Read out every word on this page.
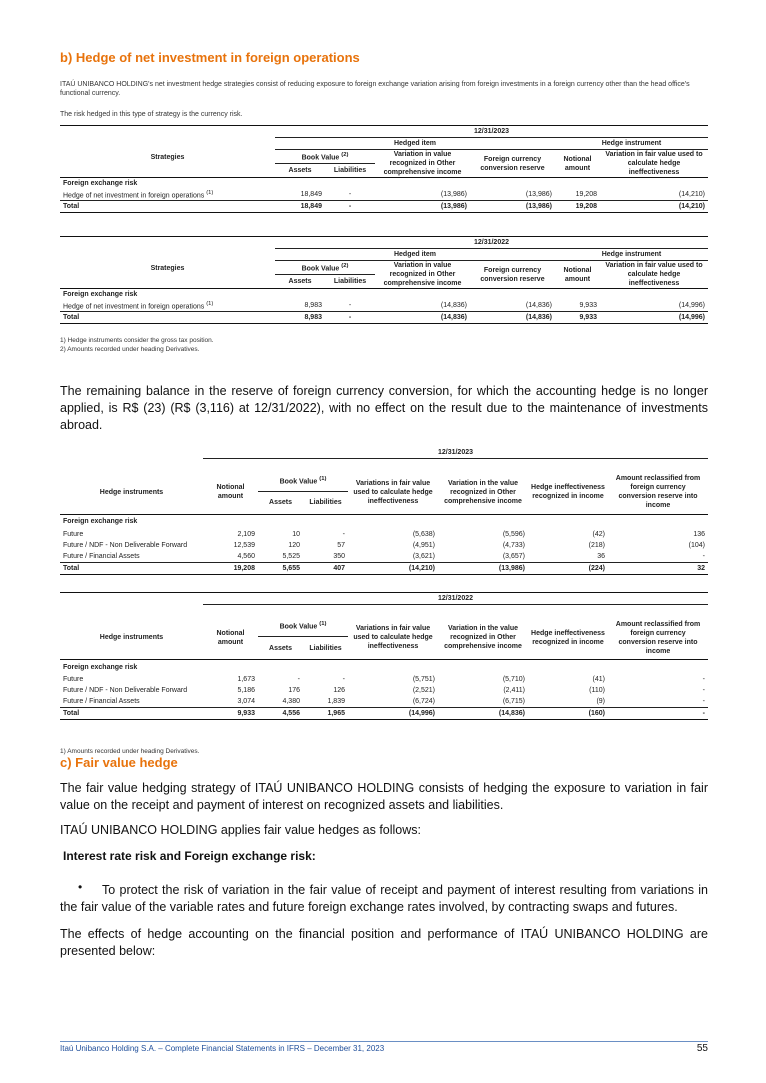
b) Hedge of net investment in foreign operations
ITAÚ UNIBANCO HOLDING's net investment hedge strategies consist of reducing exposure to foreign exchange variation arising from foreign investments in a foreign currency other than the head office's functional currency.
The risk hedged in this type of strategy is the currency risk.
	12/31/2023					
Strategies	Hedged item				Hedge instrument	
	Book Value $^{(2)}$		Variation in value recognized in Other comprehensive income	Foreign currency conversion reserve	Notional amount	Variation in fair value used to calculate hedge ineffectiveness
	Assets	Liabilities				
Foreign exchange risk						
Hedge of net investment in foreign operations $^{(1)}$	18,849	-	(13,986)	(13,986)	19,208	(14,210)
Total	18,849	-	(13,986)	(13,986)	19,208	(14,210)
	12/31/2022					
Strategies	Hedged item				Hedge instrument	
	Book Value $^{(2)}$		Variation in value recognized in Other comprehensive income	Foreign currency conversion reserve	Notional amount	Variation in fair value used to calculate hedge ineffectiveness
	Assets	Liabilities				
Foreign exchange risk						
Hedge of net investment in foreign operations $^{(1)}$	8,983	-	(14,836)	(14,836)	9,933	(14,996)
Total	8,983	-	(14,836)	(14,836)	9,933	(14,996)
1) Hedge instruments consider the gross tax position.
2) Amounts recorded under heading Derivatives.
The remaining balance in the reserve of foreign currency conversion, for which the accounting hedge is no longer applied, is R$ (23) (R$ (3,116) at 12/31/2022), with no effect on the result due to the maintenance of investments abroad.
	12/31/2023						

Hedge instruments	Notional amount	Book Value $^{(1)}$		Variations in fair value used to calculate hedge ineffectiveness	Variation in the value recognized in Other comprehensive income	Hedge ineffectiveness recognized in income	Amount reclassified from foreign currency conversion reserve into income
		Assets	Liabilities				
Foreign exchange risk							
Future	2,109	10	-	(5,638)	(5,596)	(42)	136
Future / NDF - Non Deliverable Forward	12,539	120	57	(4,951)	(4,733)	(218)	(104)
Future / Financial Assets	4,560	5,525	350	(3,621)	(3,657)	36	-
Total	19,208	5,655	407	(14,210)	(13,986)	(224)	32
	12/31/2022						

Hedge instruments	Notional amount	Book Value $^{(1)}$		Variations in fair value used to calculate hedge ineffectiveness	Variation in the value recognized in Other comprehensive income	Hedge ineffectiveness recognized in income	Amount reclassified from foreign currency conversion reserve into income
		Assets	Liabilities				
Foreign exchange risk							
Future	1,673	-	-	(5,751)	(5,710)	(41)	-
Future / NDF - Non Deliverable Forward	5,186	176	126	(2,521)	(2,411)	(110)	-
Future / Financial Assets	3,074	4,380	1,839	(6,724)	(6,715)	(9)	-
Total	9,933	4,556	1,965	(14,996)	(14,836)	(160)	-
1) Amounts recorded under heading Derivatives.
c) Fair value hedge
The fair value hedging strategy of ITAÚ UNIBANCO HOLDING consists of hedging the exposure to variation in fair value on the receipt and payment of interest on recognized assets and liabilities.
ITAÚ UNIBANCO HOLDING applies fair value hedges as follows:
Interest rate risk and Foreign exchange risk:
•	To protect the risk of variation in the fair value of receipt and payment of interest resulting from variations in the fair value of the variable rates and future foreign exchange rates involved, by contracting swaps and futures.
The effects of hedge accounting on the financial position and performance of ITAÚ UNIBANCO HOLDING are presented below:
Itaú Unibanco Holding S.A. – Complete Financial Statements in IFRS – December 31, 2023	55
